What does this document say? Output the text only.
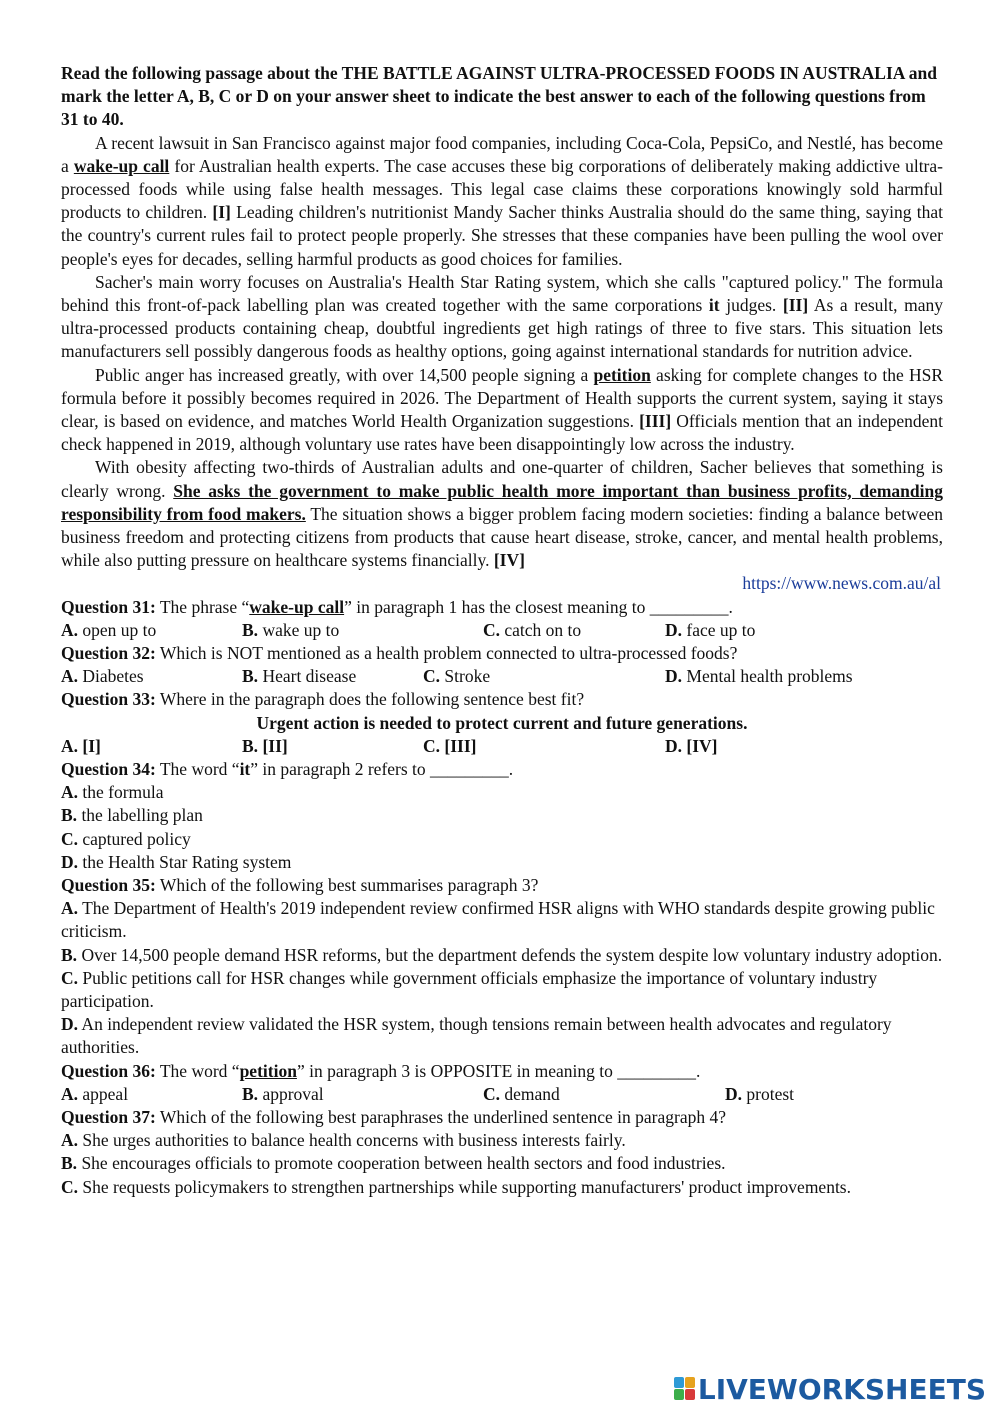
Read the following passage about the THE BATTLE AGAINST ULTRA-PROCESSED FOODS IN AUSTRALIA and mark the letter A, B, C or D on your answer sheet to indicate the best answer to each of the following questions from 31 to 40.

A recent lawsuit in San Francisco against major food companies, including Coca-Cola, PepsiCo, and Nestlé, has become a wake-up call for Australian health experts. The case accuses these big corporations of deliberately making addictive ultra-processed foods while using false health messages. This legal case claims these corporations knowingly sold harmful products to children. [I] Leading children's nutritionist Mandy Sacher thinks Australia should do the same thing, saying that the country's current rules fail to protect people properly. She stresses that these companies have been pulling the wool over people's eyes for decades, selling harmful products as good choices for families.

Sacher's main worry focuses on Australia's Health Star Rating system, which she calls "captured policy." The formula behind this front-of-pack labelling plan was created together with the same corporations it judges. [II] As a result, many ultra-processed products containing cheap, doubtful ingredients get high ratings of three to five stars. This situation lets manufacturers sell possibly dangerous foods as healthy options, going against international standards for nutrition advice.

Public anger has increased greatly, with over 14,500 people signing a petition asking for complete changes to the HSR formula before it possibly becomes required in 2026. The Department of Health supports the current system, saying it stays clear, is based on evidence, and matches World Health Organization suggestions. [III] Officials mention that an independent check happened in 2019, although voluntary use rates have been disappointingly low across the industry.

With obesity affecting two-thirds of Australian adults and one-quarter of children, Sacher believes that something is clearly wrong. She asks the government to make public health more important than business profits, demanding responsibility from food makers. The situation shows a bigger problem facing modern societies: finding a balance between business freedom and protecting citizens from products that cause heart disease, stroke, cancer, and mental health problems, while also putting pressure on healthcare systems financially. [IV]

https://www.news.com.au/al

Question 31: The phrase “wake-up call” in paragraph 1 has the closest meaning to _________.

A. open up to	B. wake up to	C. catch on to	D. face up to

Question 32: Which is NOT mentioned as a health problem connected to ultra-processed foods?

A. Diabetes	B. Heart disease	C. Stroke	D. Mental health problems

Question 33: Where in the paragraph does the following sentence best fit?

Urgent action is needed to protect current and future generations.

A. [I]	B. [II]	C. [III]	D. [IV]

Question 34: The word “it” in paragraph 2 refers to _________.

A. the formula

B. the labelling plan

C. captured policy

D. the Health Star Rating system

Question 35: Which of the following best summarises paragraph 3?

A. The Department of Health's 2019 independent review confirmed HSR aligns with WHO standards despite growing public criticism.

B. Over 14,500 people demand HSR reforms, but the department defends the system despite low voluntary industry adoption.

C. Public petitions call for HSR changes while government officials emphasize the importance of voluntary industry participation.

D. An independent review validated the HSR system, though tensions remain between health advocates and regulatory authorities.

Question 36: The word “petition” in paragraph 3 is OPPOSITE in meaning to _________.

A. appeal	B. approval	C. demand	D. protest

Question 37: Which of the following best paraphrases the underlined sentence in paragraph 4?

A. She urges authorities to balance health concerns with business interests fairly.

B. She encourages officials to promote cooperation between health sectors and food industries.

C. She requests policymakers to strengthen partnerships while supporting manufacturers' product improvements.

LIVEWORKSHEETS
